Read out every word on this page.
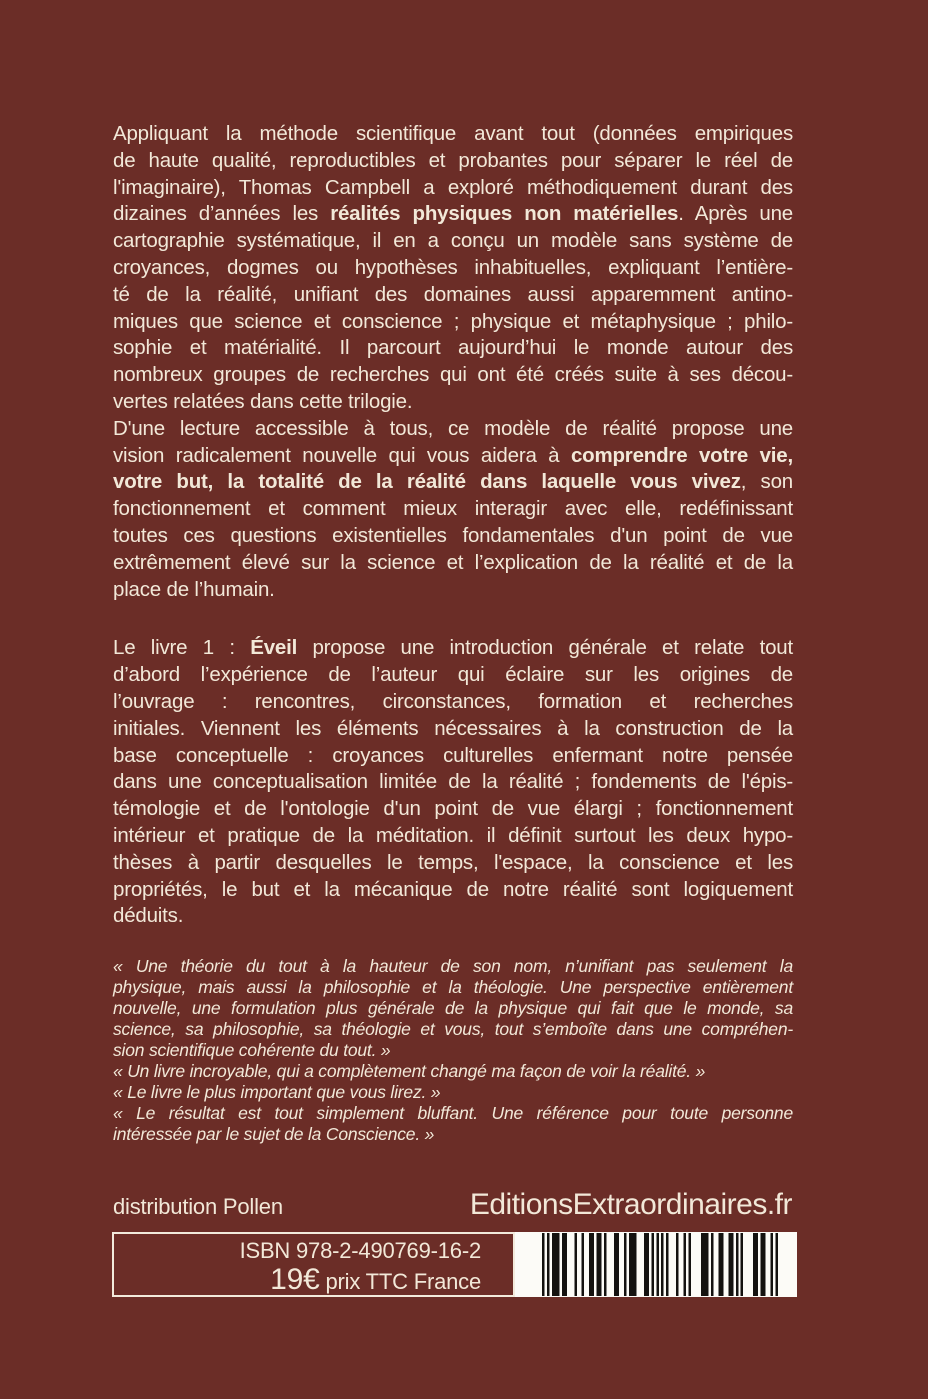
Appliquant la méthode scientifique avant tout (données empiriques
de haute qualité, reproductibles et probantes pour séparer le réel de
l'imaginaire), Thomas Campbell a exploré méthodiquement durant des
dizaines d’années les réalités physiques non matérielles. Après une
cartographie systématique, il en a conçu un modèle sans système de
croyances, dogmes ou hypothèses inhabituelles, expliquant l’entière-
té de la réalité, unifiant des domaines aussi apparemment antino-
miques que science et conscience ; physique et métaphysique ; philo-
sophie et matérialité. Il parcourt aujourd’hui le monde autour des
nombreux groupes de recherches qui ont été créés suite à ses décou-
vertes relatées dans cette trilogie.
D'une lecture accessible à tous, ce modèle de réalité propose une
vision radicalement nouvelle qui vous aidera à comprendre votre vie,
votre but, la totalité de la réalité dans laquelle vous vivez, son
fonctionnement et comment mieux interagir avec elle, redéfinissant
toutes ces questions existentielles fondamentales d'un point de vue
extrêmement élevé sur la science et l’explication de la réalité et de la
place de l’humain.
Le livre 1 : Éveil propose une introduction générale et relate tout
d’abord l’expérience de l’auteur qui éclaire sur les origines de
l’ouvrage : rencontres, circonstances, formation et recherches
initiales. Viennent les éléments nécessaires à la construction de la
base conceptuelle : croyances culturelles enfermant notre pensée
dans une conceptualisation limitée de la réalité ; fondements de l'épis-
témologie et de l'ontologie d'un point de vue élargi ; fonctionnement
intérieur et pratique de la méditation. il définit surtout les deux hypo-
thèses à partir desquelles le temps, l'espace, la conscience et les
propriétés, le but et la mécanique de notre réalité sont logiquement
déduits.
« Une théorie du tout à la hauteur de son nom, n’unifiant pas seulement la
physique, mais aussi la philosophie et la théologie. Une perspective entièrement
nouvelle, une formulation plus générale de la physique qui fait que le monde, sa
science, sa philosophie, sa théologie et vous, tout s’emboîte dans une compréhen-
sion scientifique cohérente du tout. »
« Un livre incroyable, qui a complètement changé ma façon de voir la réalité. »
« Le livre le plus important que vous lirez. »
« Le résultat est tout simplement bluffant. Une référence pour toute personne
intéressée par le sujet de la Conscience. »
distribution Pollen	EditionsExtraordinaires.fr
ISBN 978-2-490769-16-2
19€ prix TTC France
